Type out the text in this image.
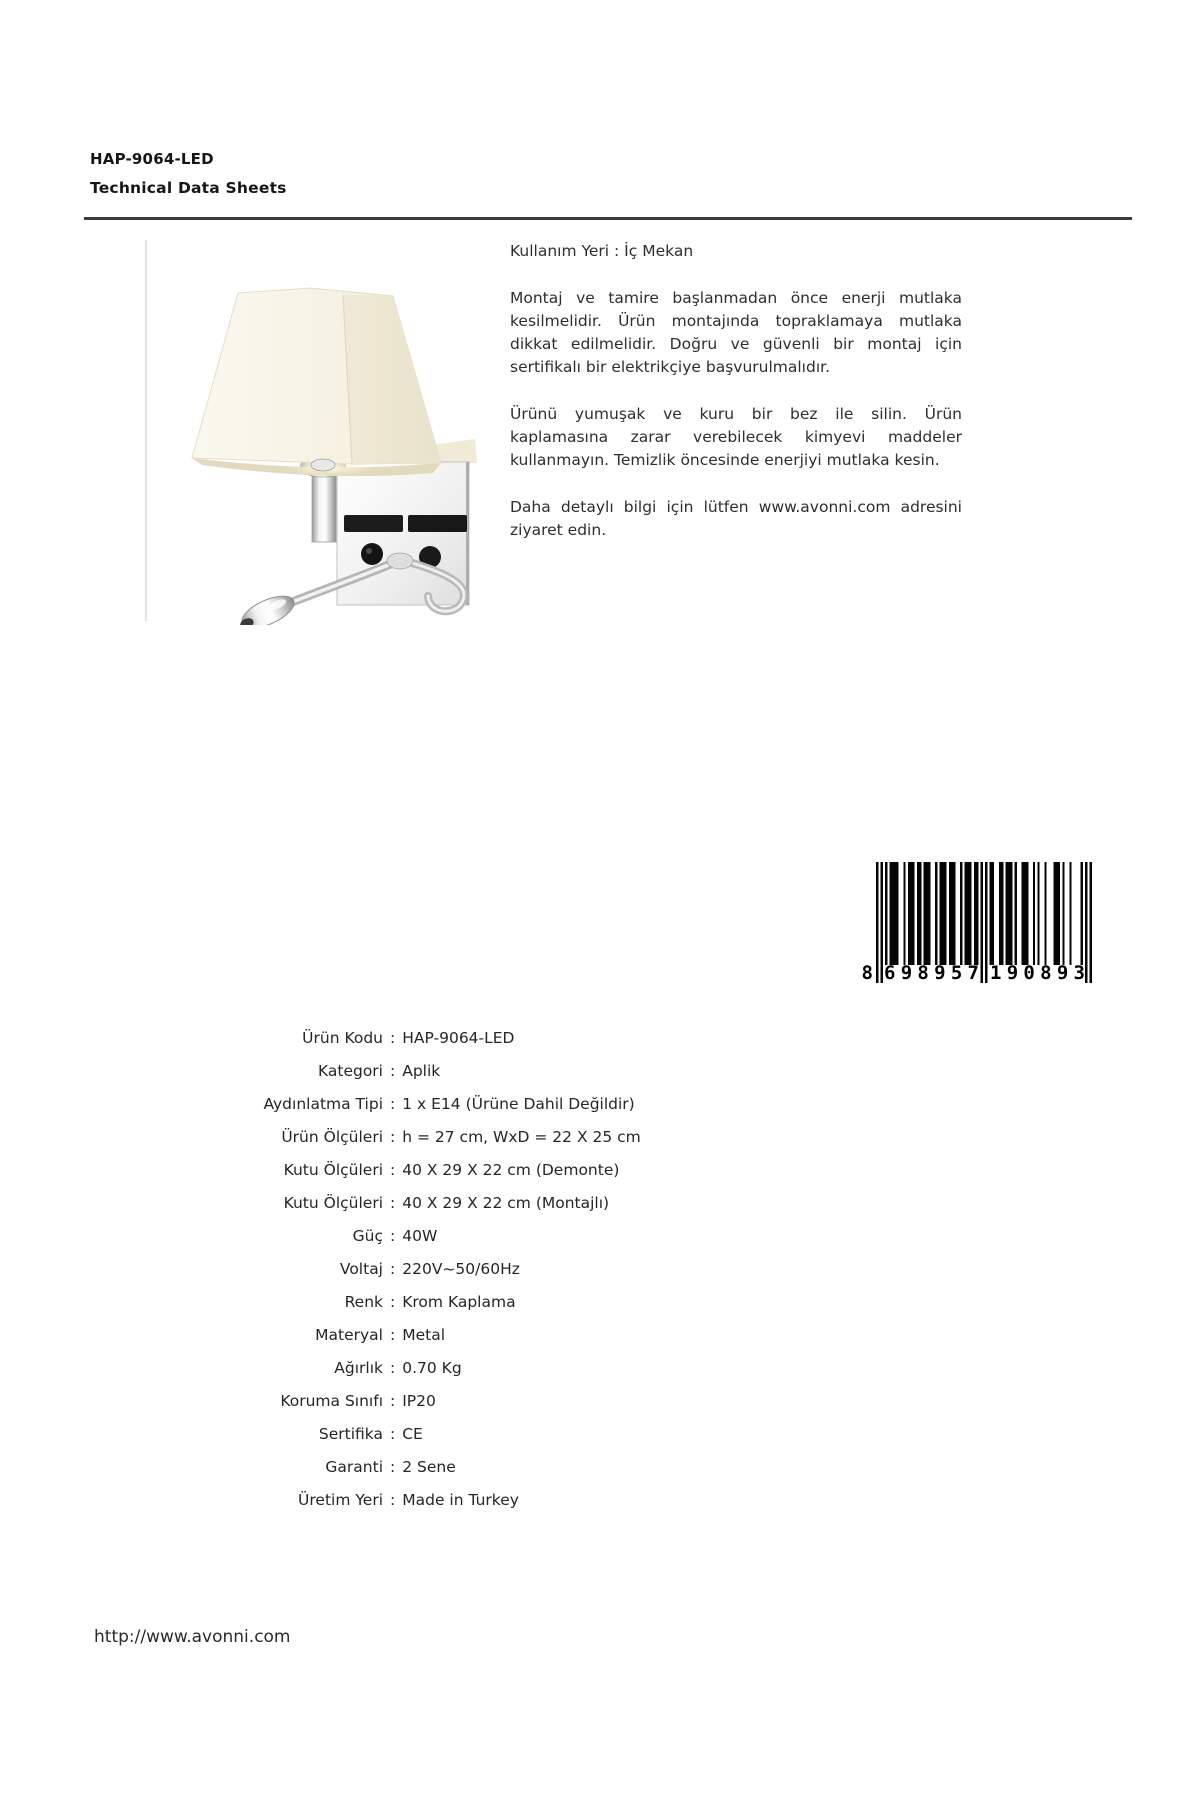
HAP-9064-LED
Technical Data Sheets

Kullanım Yeri : İç Mekan

Montaj ve tamire başlanmadan önce enerji mutlaka kesilmelidir. Ürün montajında topraklamaya mutlaka dikkat edilmelidir. Doğru ve güvenli bir montaj için sertifikalı bir elektrikçiye başvurulmalıdır.

Ürünü yumuşak ve kuru bir bez ile silin. Ürün kaplamasına zarar verebilecek kimyevi maddeler kullanmayın. Temizlik öncesinde enerjiyi mutlaka kesin.

Daha detaylı bilgi için lütfen www.avonni.com adresini ziyaret edin.

8 6 9 8 9 5 7 1 9 0 8 9 3
Ürün Kodu : HAP-9064-LED
Kategori : Aplik
Aydınlatma Tipi : 1 x E14 (Ürüne Dahil Değildir)
Ürün Ölçüleri : h = 27 cm, WxD = 22 X 25 cm
Kutu Ölçüleri : 40 X 29 X 22 cm (Demonte)
Kutu Ölçüleri : 40 X 29 X 22 cm (Montajlı)
Güç : 40W
Voltaj : 220V~50/60Hz
Renk : Krom Kaplama
Materyal : Metal
Ağırlık : 0.70 Kg
Koruma Sınıfı : IP20
Sertifika : CE
Garanti : 2 Sene
Üretim Yeri : Made in Turkey
http://www.avonni.com
